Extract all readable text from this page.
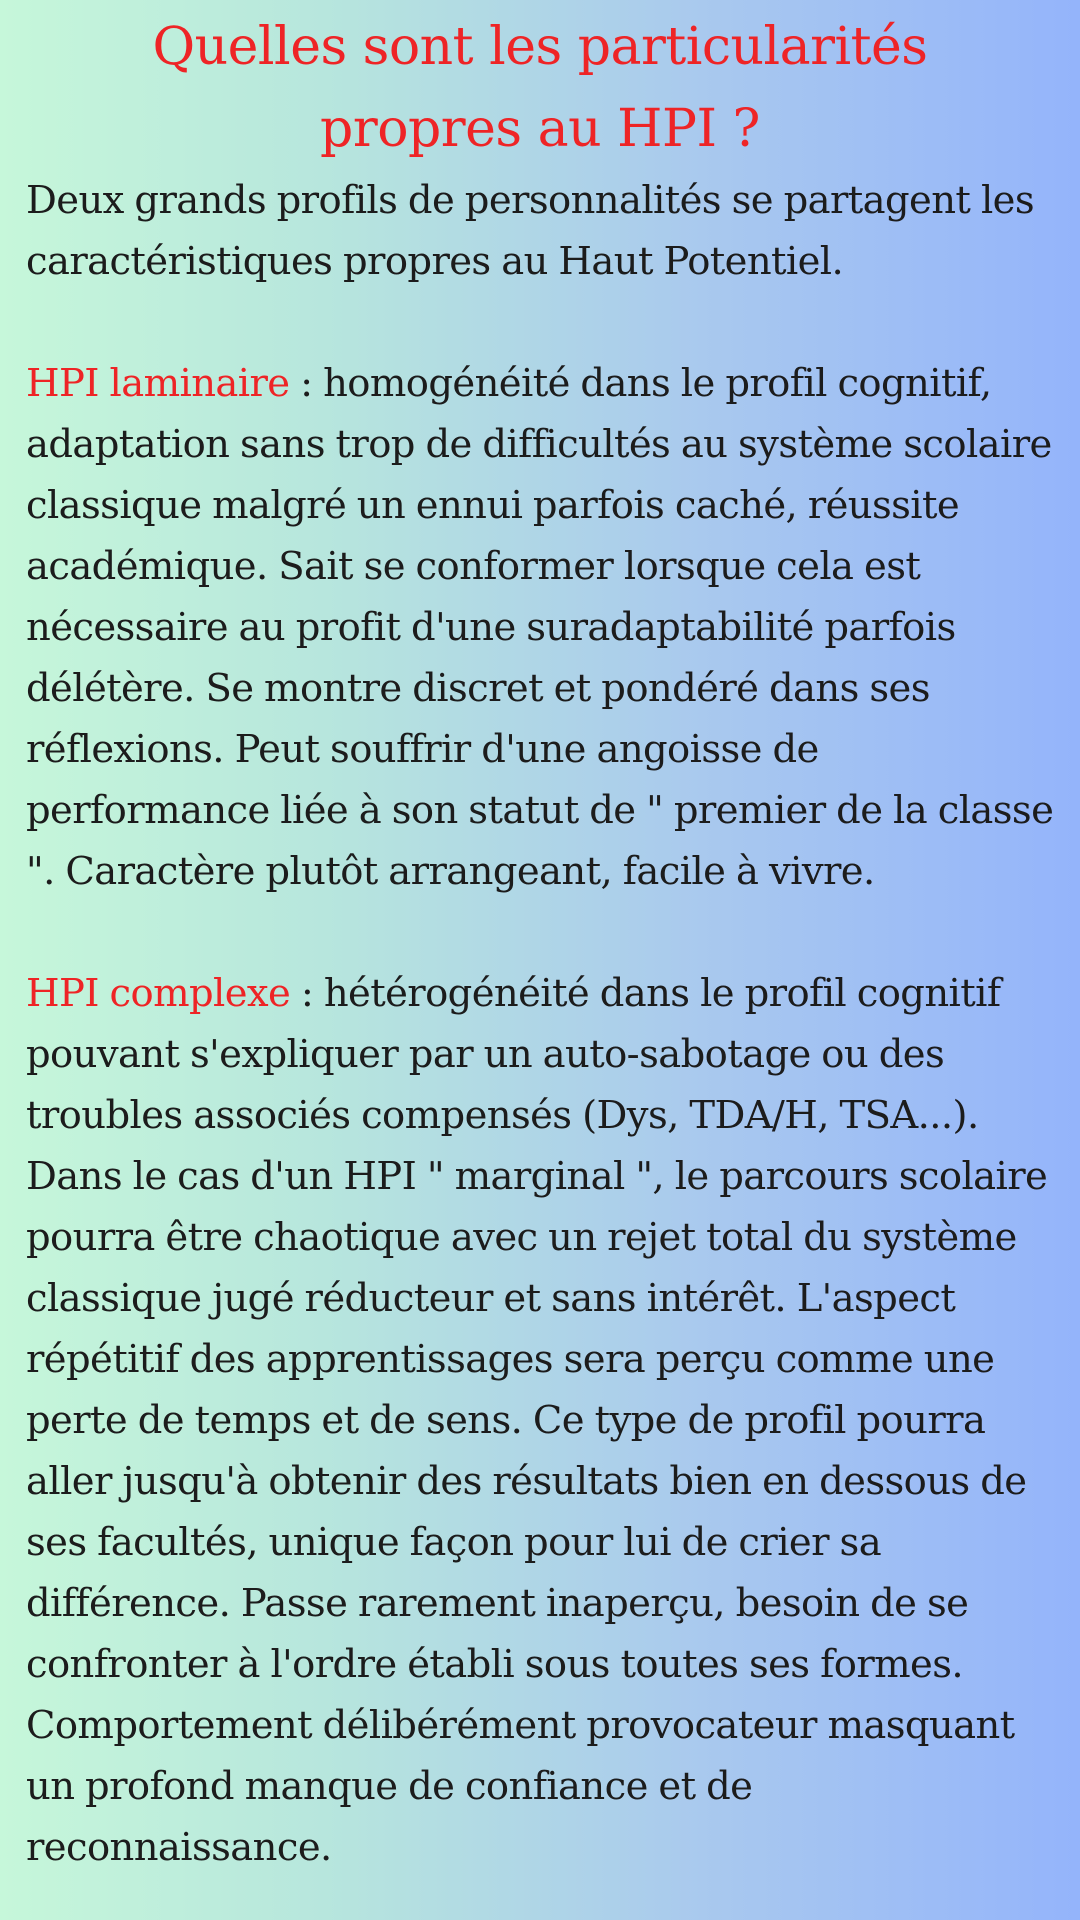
Quelles sont les particularités
propres au HPI ?

Deux grands profils de personnalités se partagent les caractéristiques propres au Haut Potentiel.

HPI laminaire : homogénéité dans le profil cognitif, adaptation sans trop de difficultés au système scolaire classique malgré un ennui parfois caché, réussite académique. Sait se conformer lorsque cela est nécessaire au profit d'une suradaptabilité parfois délétère. Se montre discret et pondéré dans ses réflexions. Peut souffrir d'une angoisse de performance liée à son statut de " premier de la classe ". Caractère plutôt arrangeant, facile à vivre.

HPI complexe : hétérogénéité dans le profil cognitif pouvant s'expliquer par un auto-sabotage ou des troubles associés compensés (Dys, TDA/H, TSA...). Dans le cas d'un HPI " marginal ", le parcours scolaire pourra être chaotique avec un rejet total du système classique jugé réducteur et sans intérêt. L'aspect répétitif des apprentissages sera perçu comme une perte de temps et de sens. Ce type de profil pourra aller jusqu'à obtenir des résultats bien en dessous de ses facultés, unique façon pour lui de crier sa différence. Passe rarement inaperçu, besoin de se confronter à l'ordre établi sous toutes ses formes. Comportement délibérément provocateur masquant un profond manque de confiance et de reconnaissance.
